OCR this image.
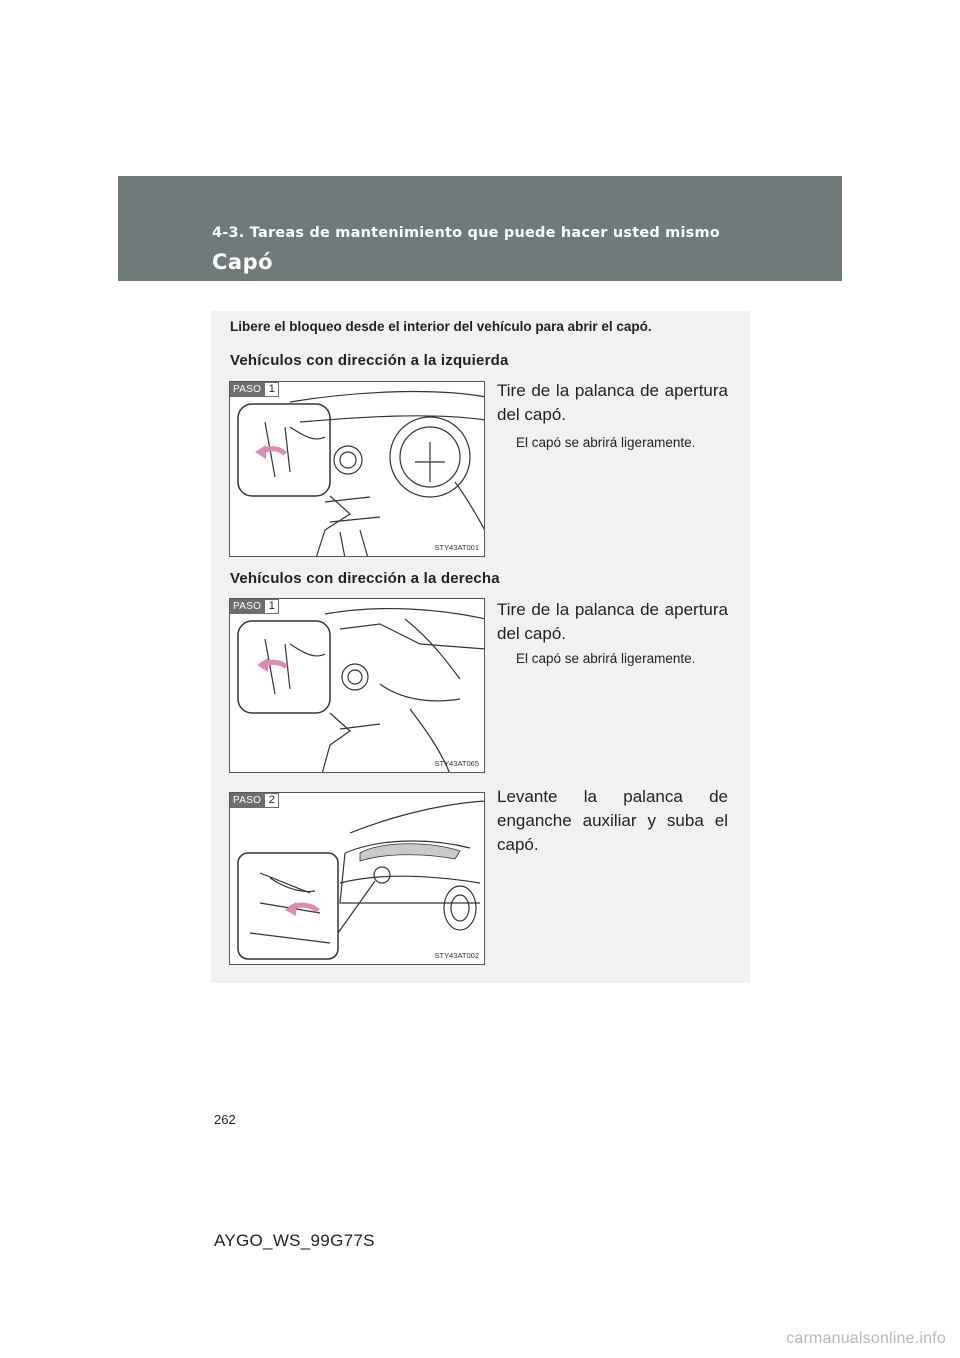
4-3. Tareas de mantenimiento que puede hacer usted mismo
Capó
Libere el bloqueo desde el interior del vehículo para abrir el capó.
Vehículos con dirección a la izquierda
PASO 1
STY43AT001
Tire de la palanca de apertura del capó.
El capó se abrirá ligeramente.
Vehículos con dirección a la derecha
PASO 1
STY43AT065
Tire de la palanca de apertura del capó.
El capó se abrirá ligeramente.
PASO 2
STY43AT002
Levante la palanca de enganche auxiliar y suba el capó.
262
AYGO_WS_99G77S
carmanualsonline.info
